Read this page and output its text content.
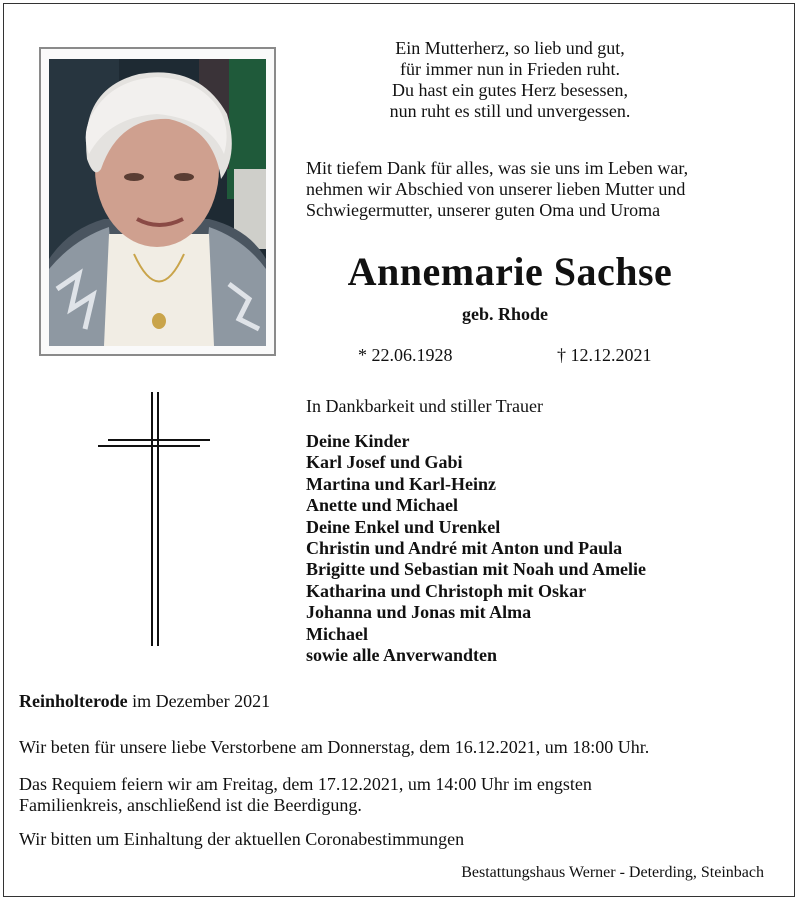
Ein Mutterherz, so lieb und gut,
für immer nun in Frieden ruht.
Du hast ein gutes Herz besessen,
nun ruht es still und unvergessen.
Mit tiefem Dank für alles, was sie uns im Leben war,
nehmen wir Abschied von unserer lieben Mutter und
Schwiegermutter, unserer guten Oma und Uroma
Annemarie Sachse
geb. Rhode
* 22.06.1928	† 12.12.2021
In Dankbarkeit und stiller Trauer
Deine Kinder
Karl Josef und Gabi
Martina und Karl-Heinz
Anette und Michael
Deine Enkel und Urenkel
Christin und André mit Anton und Paula
Brigitte und Sebastian mit Noah und Amelie
Katharina und Christoph mit Oskar
Johanna und Jonas mit Alma
Michael
sowie alle Anverwandten
Reinholterode im Dezember 2021
Wir beten für unsere liebe Verstorbene am Donnerstag, dem 16.12.2021, um 18:00 Uhr.
Das Requiem feiern wir am Freitag, dem 17.12.2021, um 14:00 Uhr im engsten
Familienkreis, anschließend ist die Beerdigung.
Wir bitten um Einhaltung der aktuellen Coronabestimmungen
Bestattungshaus Werner - Deterding, Steinbach
